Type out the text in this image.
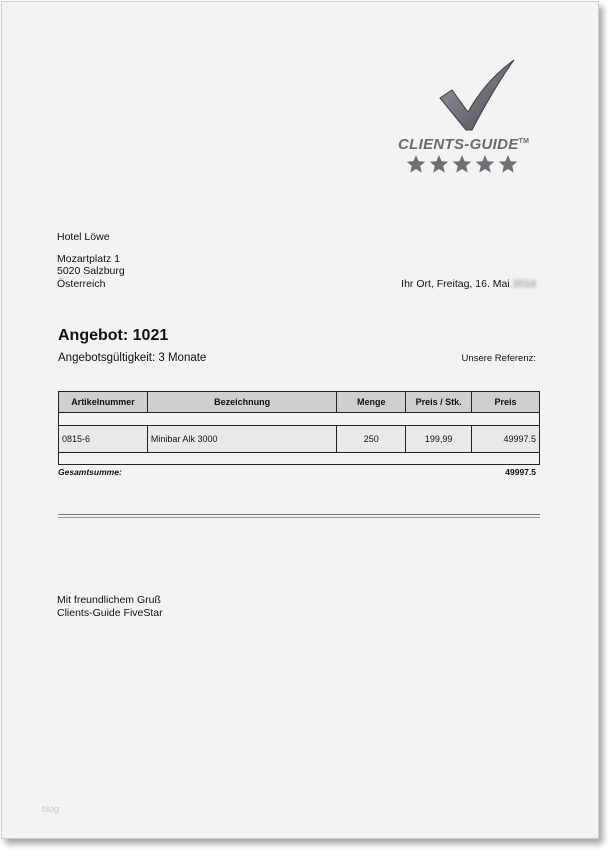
CLIENTS-GUIDE™
Hotel Löwe
Mozartplatz 1
5020 Salzburg
Österreich	Ihr Ort, Freitag, 16. Mai 2014
Angebot: 1021
Angebotsgültigkeit: 3 Monate	Unsere Referenz:
Artikelnummer	Bezeichnung	Menge	Preis / Stk.	Preis

0815-6	Minibar Alk 3000	250	199,99	49997.5

Gesamtsumme:	49997.5
Mit freundlichem Gruß
Clients-Guide FiveStar
blog
